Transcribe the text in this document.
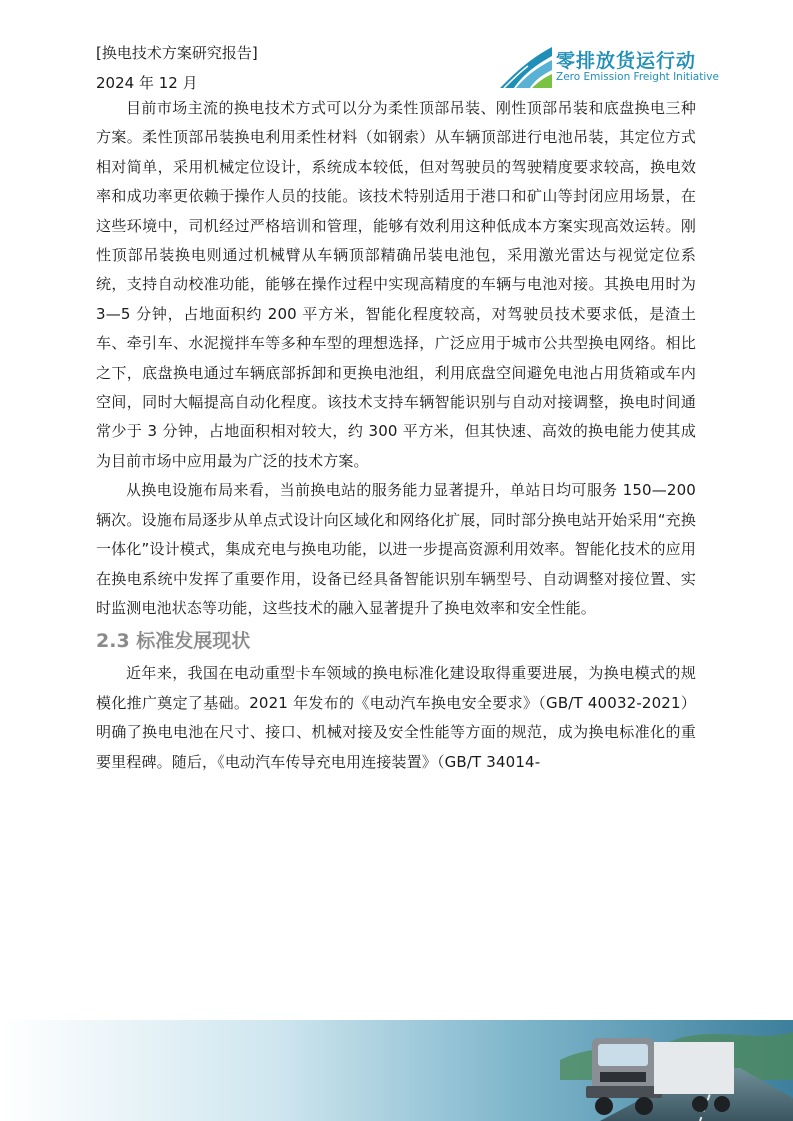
[换电技术方案研究报告]
2024 年 12 月
零排放货运行动
Zero Emission Freight Initiative

目前市场主流的换电技术方式可以分为柔性顶部吊装、刚性顶部吊装和底盘换电三种方案。柔性顶部吊装换电利用柔性材料（如钢索）从车辆顶部进行电池吊装，其定位方式相对简单，采用机械定位设计，系统成本较低，但对驾驶员的驾驶精度要求较高，换电效率和成功率更依赖于操作人员的技能。该技术特别适用于港口和矿山等封闭应用场景，在这些环境中，司机经过严格培训和管理，能够有效利用这种低成本方案实现高效运转。刚性顶部吊装换电则通过机械臂从车辆顶部精确吊装电池包，采用激光雷达与视觉定位系统，支持自动校准功能，能够在操作过程中实现高精度的车辆与电池对接。其换电用时为 3—5 分钟，占地面积约 200 平方米，智能化程度较高，对驾驶员技术要求低，是渣土车、牵引车、水泥搅拌车等多种车型的理想选择，广泛应用于城市公共型换电网络。相比之下，底盘换电通过车辆底部拆卸和更换电池组，利用底盘空间避免电池占用货箱或车内空间，同时大幅提高自动化程度。该技术支持车辆智能识别与自动对接调整，换电时间通常少于 3 分钟，占地面积相对较大，约 300 平方米，但其快速、高效的换电能力使其成为目前市场中应用最为广泛的技术方案。

从换电设施布局来看，当前换电站的服务能力显著提升，单站日均可服务 150—200 辆次。设施布局逐步从单点式设计向区域化和网络化扩展，同时部分换电站开始采用“充换一体化”设计模式，集成充电与换电功能，以进一步提高资源利用效率。智能化技术的应用在换电系统中发挥了重要作用，设备已经具备智能识别车辆型号、自动调整对接位置、实时监测电池状态等功能，这些技术的融入显著提升了换电效率和安全性能。

2.3 标准发展现状

近年来，我国在电动重型卡车领域的换电标准化建设取得重要进展，为换电模式的规模化推广奠定了基础。2021 年发布的《电动汽车换电安全要求》（GB/T 40032-2021）明确了换电电池在尺寸、接口、机械对接及安全性能等方面的规范，成为换电标准化的重要里程碑。随后，《电动汽车传导充电用连接装置》（GB/T 34014-
